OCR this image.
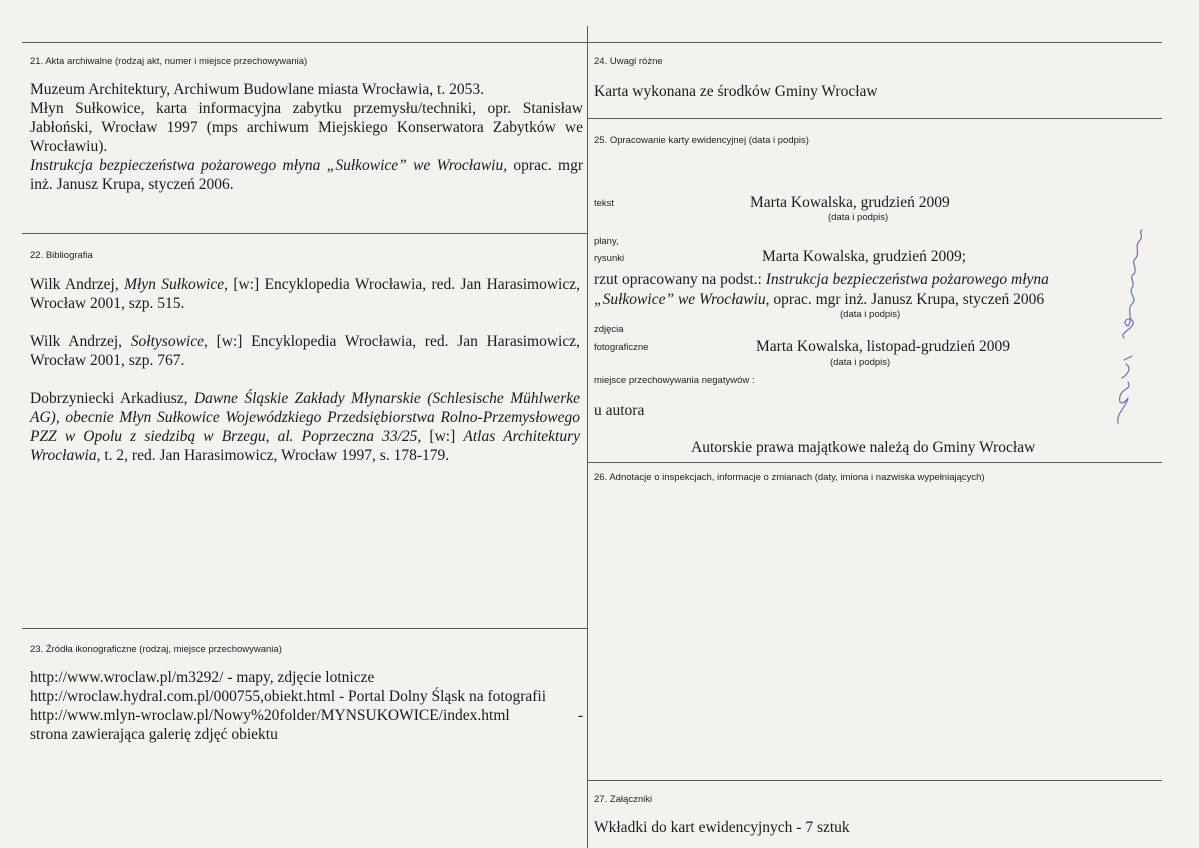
21. Akta archiwalne (rodzaj akt, numer i miejsce przechowywania)

Muzeum Architektury, Archiwum Budowlane miasta Wrocławia, t. 2053.

Młyn Sułkowice, karta informacyjna zabytku przemysłu/techniki, opr. Stanisław Jabłoński, Wrocław 1997 (mps archiwum Miejskiego Konserwatora Zabytków we Wrocławiu).

Instrukcja bezpieczeństwa pożarowego młyna „Sułkowice” we Wrocławiu, oprac. mgr inż. Janusz Krupa, styczeń 2006.

22. Bibliografia

Wilk Andrzej, Młyn Sułkowice, [w:] Encyklopedia Wrocławia, red. Jan Harasimowicz, Wrocław 2001, szp. 515.

Wilk Andrzej, Sołtysowice, [w:] Encyklopedia Wrocławia, red. Jan Harasimowicz, Wrocław 2001, szp. 767.

Dobrzyniecki Arkadiusz, Dawne Śląskie Zakłady Młynarskie (Schlesische Mühlwerke AG), obecnie Młyn Sułkowice Wojewódzkiego Przedsiębiorstwa Rolno-Przemysłowego PZZ w Opolu z siedzibą w Brzegu, al. Poprzeczna 33/25, [w:] Atlas Architektury Wrocławia, t. 2, red. Jan Harasimowicz, Wrocław 1997, s. 178-179.

23. Źródła ikonograficzne (rodzaj, miejsce przechowywania)

http://www.wroclaw.pl/m3292/ - mapy, zdjęcie lotnicze

http://wroclaw.hydral.com.pl/000755,obiekt.html - Portal Dolny Śląsk na fotografii

http://www.mlyn-wroclaw.pl/Nowy%20folder/MYNSUKOWICE/index.html	-

strona zawierająca galerię zdjęć obiektu

24. Uwagi różne
Karta wykonana ze środków Gminy Wrocław
25. Opracowanie karty ewidencyjnej (data i podpis)
tekst	Marta Kowalska, grudzień 2009
(data i podpis)
plany,
rysunki	Marta Kowalska, grudzień 2009;
rzut opracowany na podst.: Instrukcja bezpieczeństwa pożarowego młyna
„Sułkowice” we Wrocławiu, oprac. mgr inż. Janusz Krupa, styczeń 2006
(data i podpis)
zdjęcia
fotograficzne	Marta Kowalska, listopad-grudzień 2009
(data i podpis)
miejsce przechowywania negatywów :
u autora
Autorskie prawa majątkowe należą do Gminy Wrocław
26. Adnotacje o inspekcjach, informacje o zmianach (daty, imiona i nazwiska wypełniających)
27. Załączniki
Wkładki do kart ewidencyjnych - 7 sztuk
